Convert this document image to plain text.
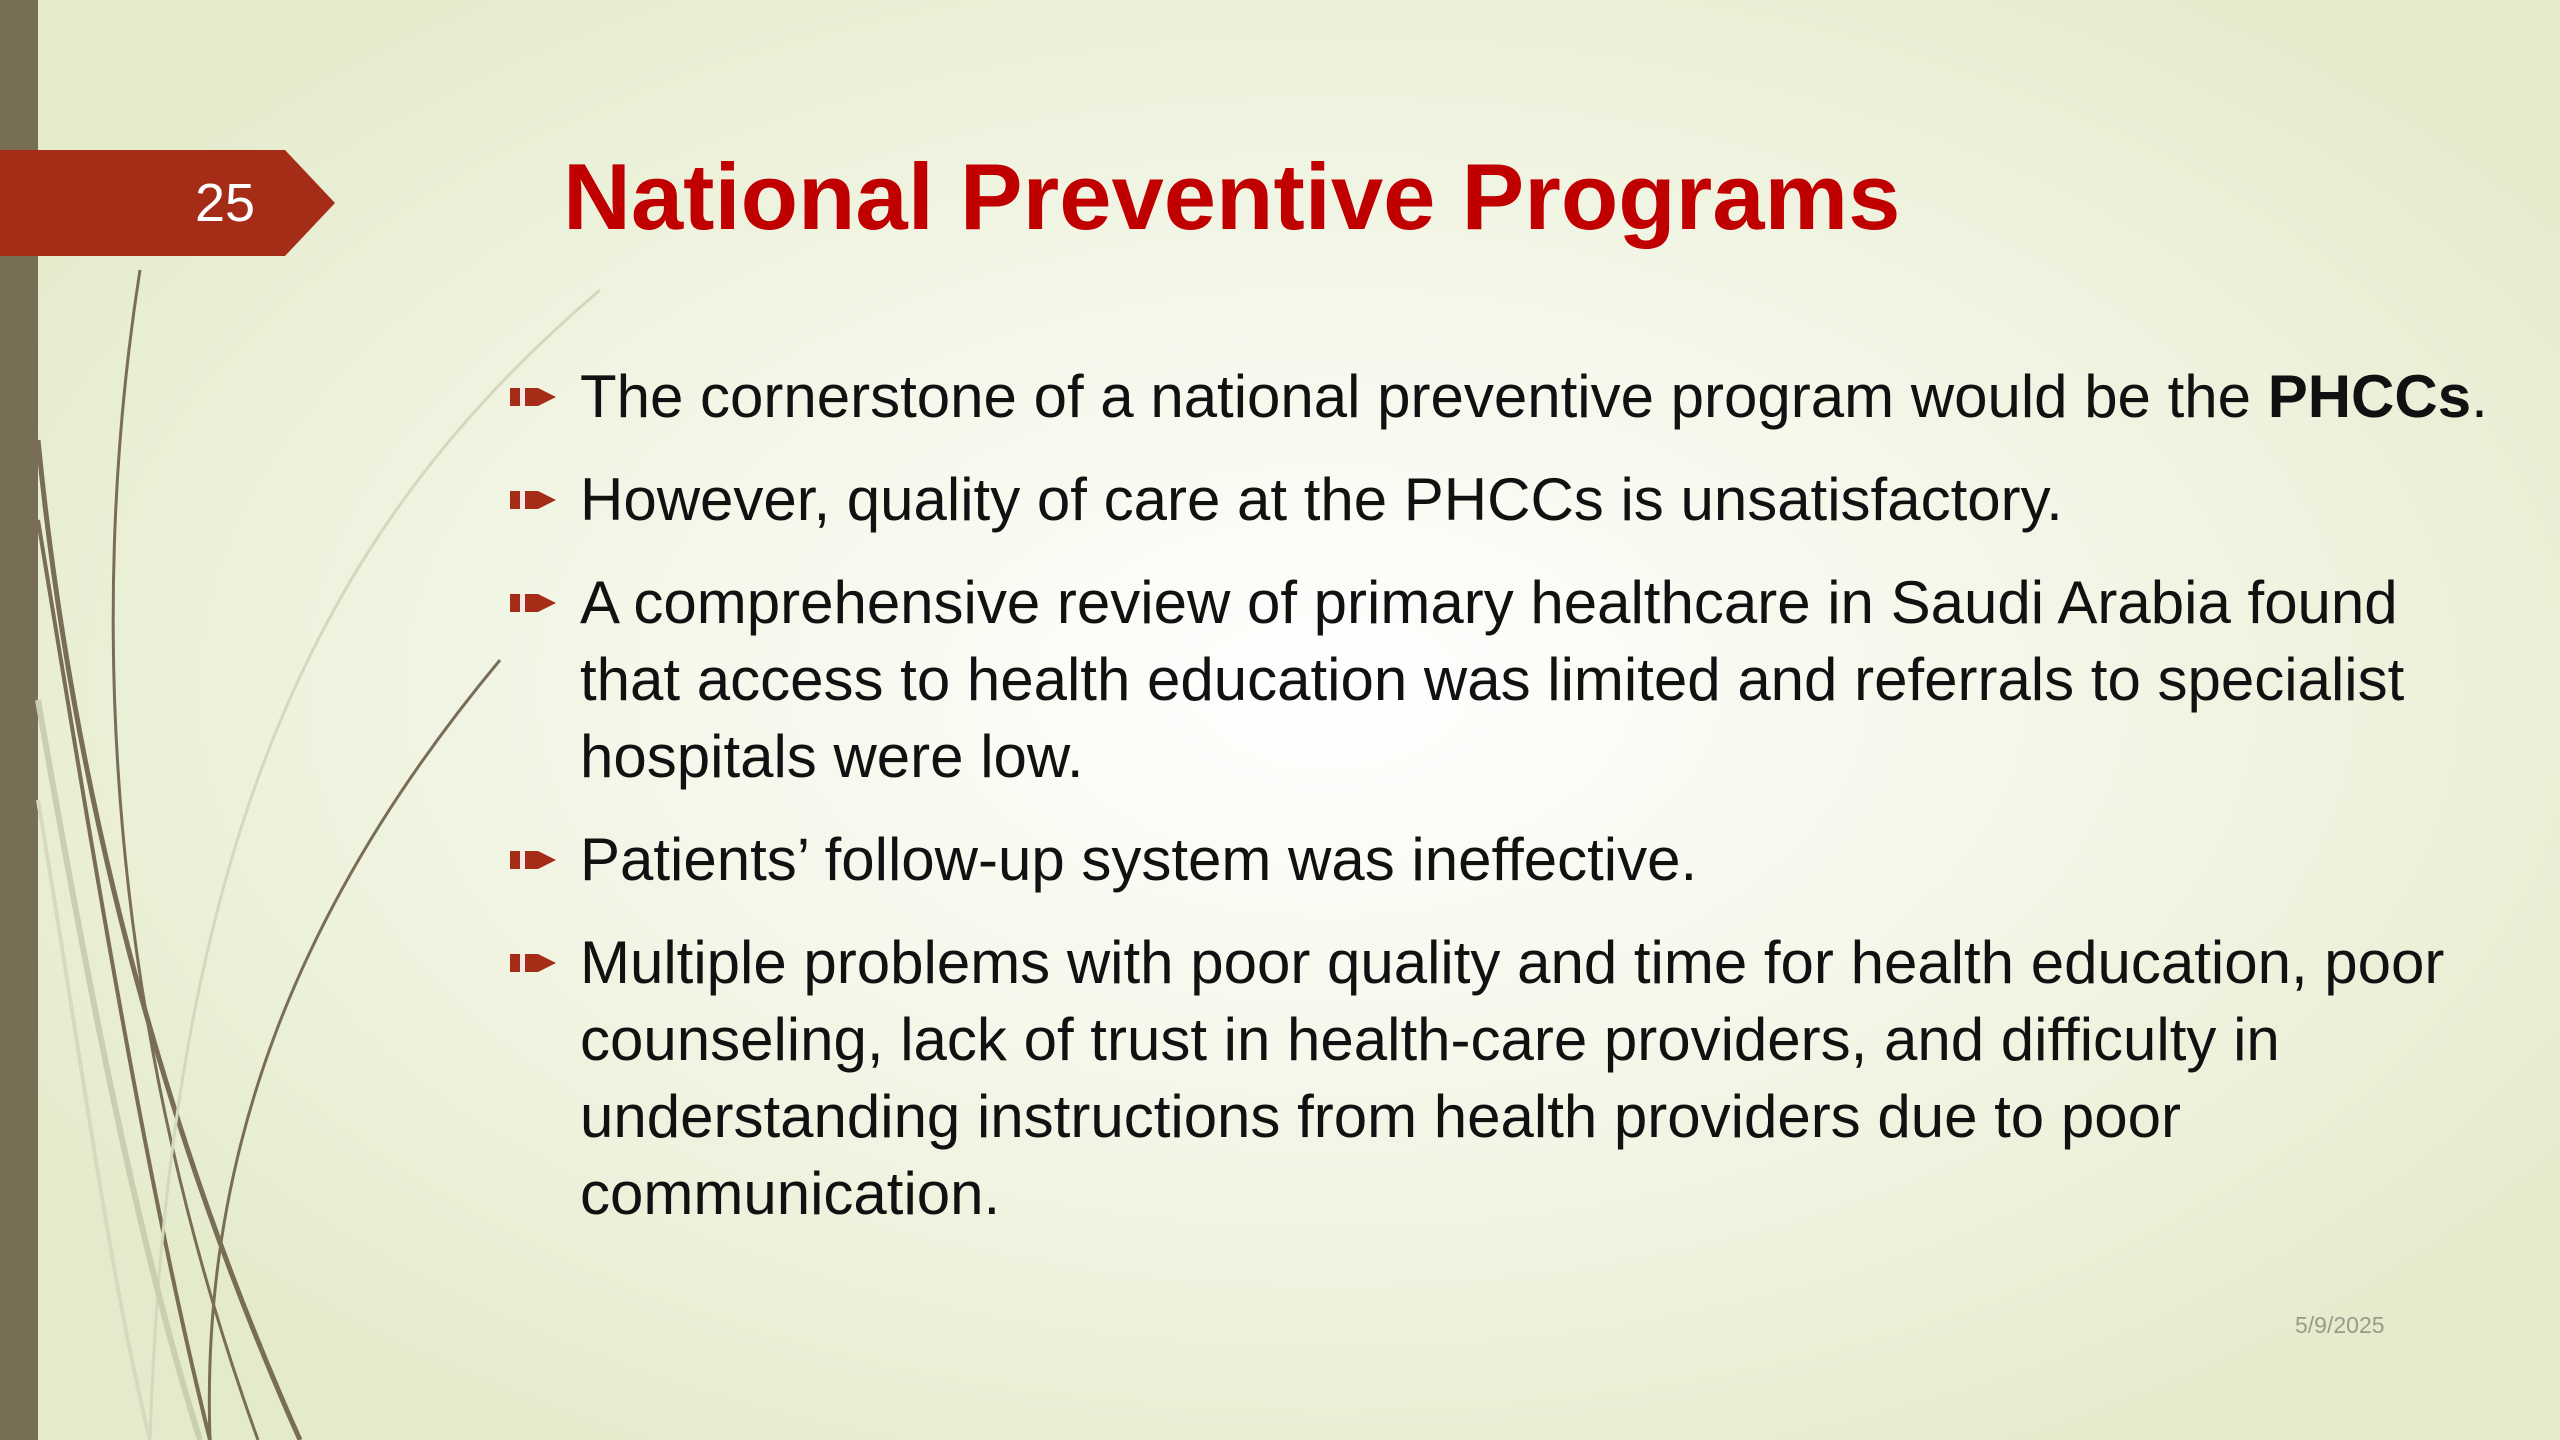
25	National Preventive Programs
The cornerstone of a national preventive program would be the PHCCs.
However, quality of care at the PHCCs is unsatisfactory.
A comprehensive review of primary healthcare in Saudi Arabia found that access to health education was limited and referrals to specialist hospitals were low.
Patients’ follow-up system was ineffective.
Multiple problems with poor quality and time for health education, poor counseling, lack of trust in health-care providers, and difficulty in understanding instructions from health providers due to poor communication.
5/9/2025
